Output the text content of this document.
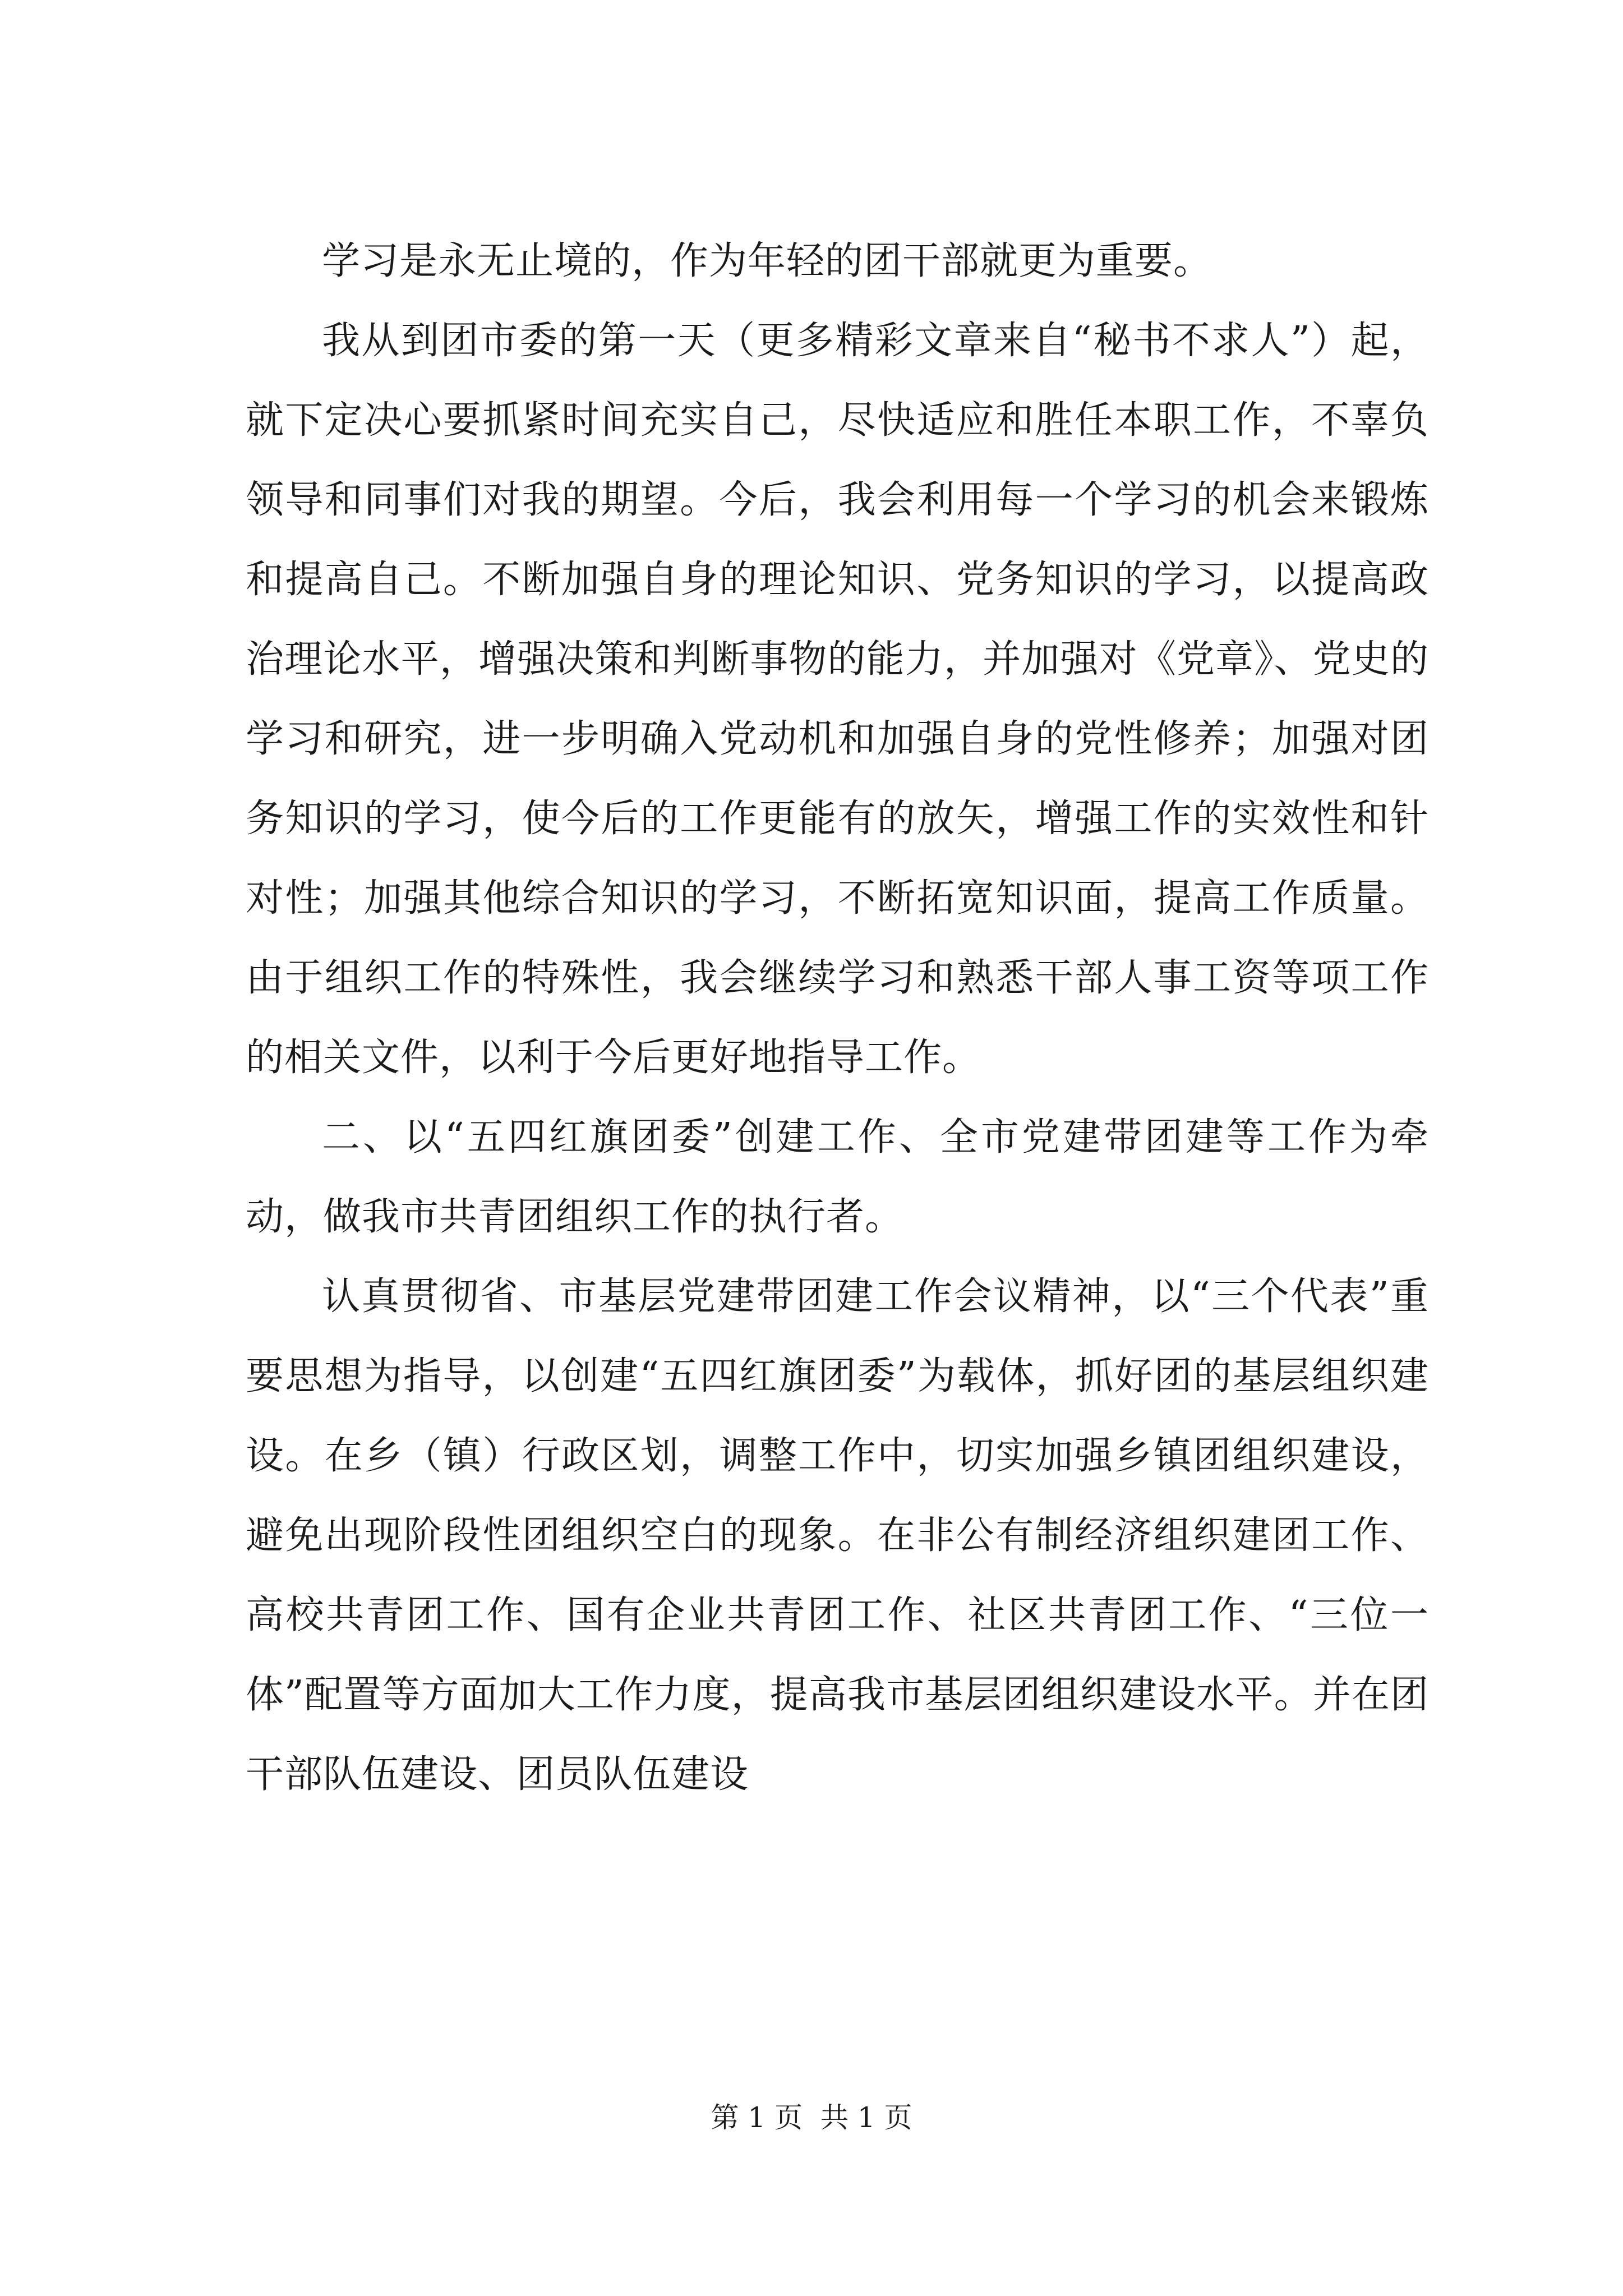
学习是永无止境的，作为年轻的团干部就更为重要。

我从到团市委的第一天（更多精彩文章来自“秘书不求人”）起，就下定决心要抓紧时间充实自己，尽快适应和胜任本职工作，不辜负领导和同事们对我的期望。今后，我会利用每一个学习的机会来锻炼和提高自己。不断加强自身的理论知识、党务知识的学习，以提高政治理论水平，增强决策和判断事物的能力，并加强对《党章》、党史的学习和研究，进一步明确入党动机和加强自身的党性修养；加强对团务知识的学习，使今后的工作更能有的放矢，增强工作的实效性和针对性；加强其他综合知识的学习，不断拓宽知识面，提高工作质量。由于组织工作的特殊性，我会继续学习和熟悉干部人事工资等项工作的相关文件，以利于今后更好地指导工作。

二、以“五四红旗团委”创建工作、全市党建带团建等工作为牵动，做我市共青团组织工作的执行者。

认真贯彻省、市基层党建带团建工作会议精神，以“三个代表”重要思想为指导，以创建“五四红旗团委”为载体，抓好团的基层组织建设。在乡（镇）行政区划，调整工作中，切实加强乡镇团组织建设，避免出现阶段性团组织空白的现象。在非公有制经济组织建团工作、高校共青团工作、国有企业共青团工作、社区共青团工作、“三位一体”配置等方面加大工作力度，提高我市基层团组织建设水平。并在团干部队伍建设、团员队伍建设

第 1 页  共 1 页
